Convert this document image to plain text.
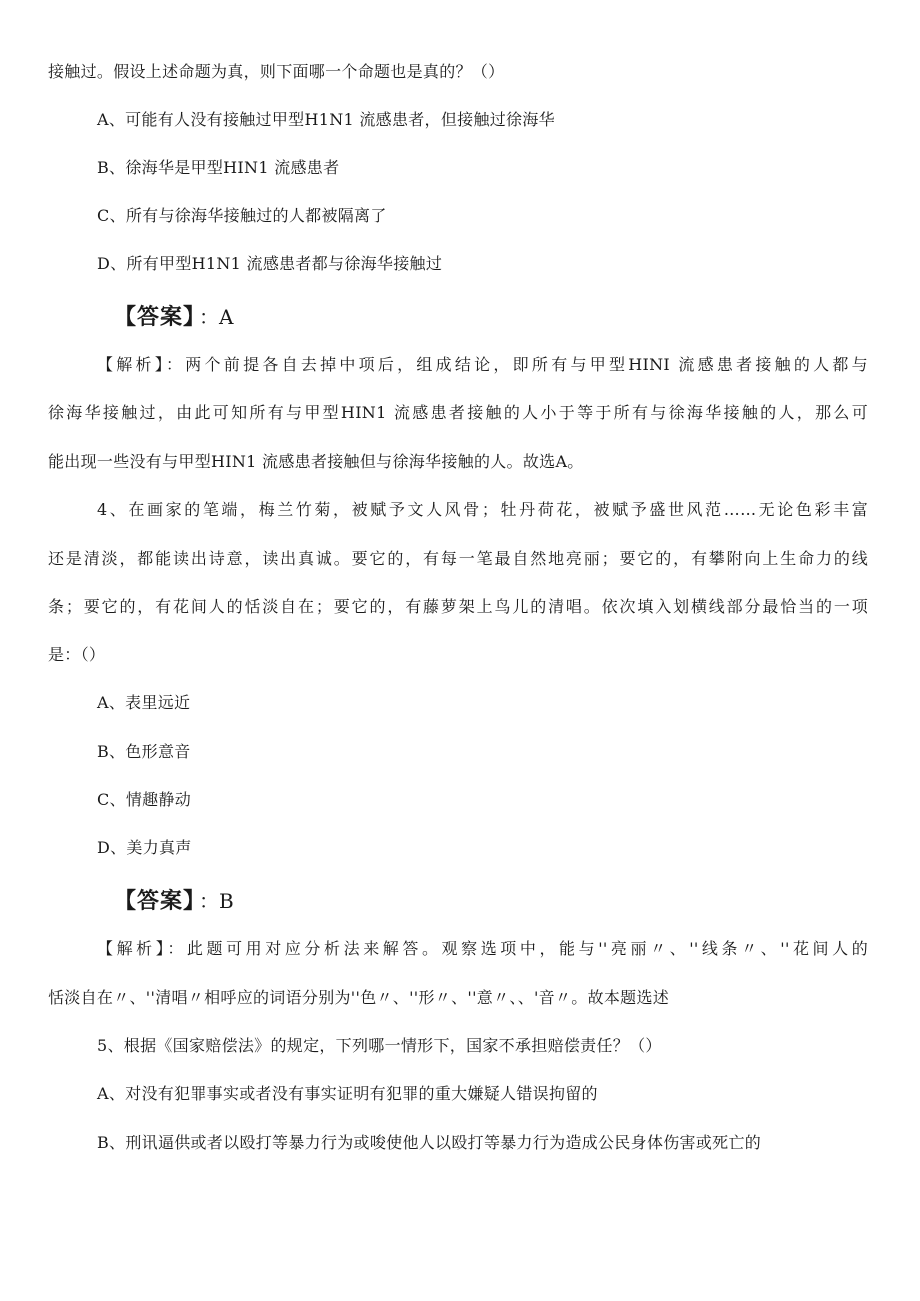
接触过。假设上述命题为真，则下面哪一个命题也是真的？（）
A、可能有人没有接触过甲型H1N1 流感患者，但接触过徐海华
B、徐海华是甲型HIN1 流感患者
C、所有与徐海华接触过的人都被隔离了
D、所有甲型H1N1 流感患者都与徐海华接触过
【答案】 ：A
【解析】：两个前提各自去掉中项后，组成结论，即所有与甲型HINI 流感患者接触的人都与
徐海华接触过，由此可知所有与甲型HIN1 流感患者接触的人小于等于所有与徐海华接触的人，那么可
能出现一些没有与甲型HIN1 流感患者接触但与徐海华接触的人。故选A。
4、在画家的笔端，梅兰竹菊，被赋予文人风骨；牡丹荷花，被赋予盛世风范……无论色彩丰富
还是清淡，都能读出诗意，读出真诚。要它的，有每一笔最自然地亮丽；要它的，有攀附向上生命力的线
条；要它的，有花间人的恬淡自在；要它的，有藤萝架上鸟儿的清唱。依次填入划横线部分最恰当的一项
是：（）
A、表里远近
B、色形意音
C、情趣静动
D、美力真声
【答案】 ：B
【解析】：此题可用对应分析法来解答。观察选项中，能与''亮丽〃、''线条〃、''花间人的
恬淡自在〃、''清唱〃相呼应的词语分别为''色〃、''形〃、''意〃、、'音〃。故本题选述
5、根据《国家赔偿法》的规定，下列哪一情形下，国家不承担赔偿责任？（）
A、对没有犯罪事实或者没有事实证明有犯罪的重大嫌疑人错误拘留的
B、刑讯逼供或者以殴打等暴力行为或唆使他人以殴打等暴力行为造成公民身体伤害或死亡的
